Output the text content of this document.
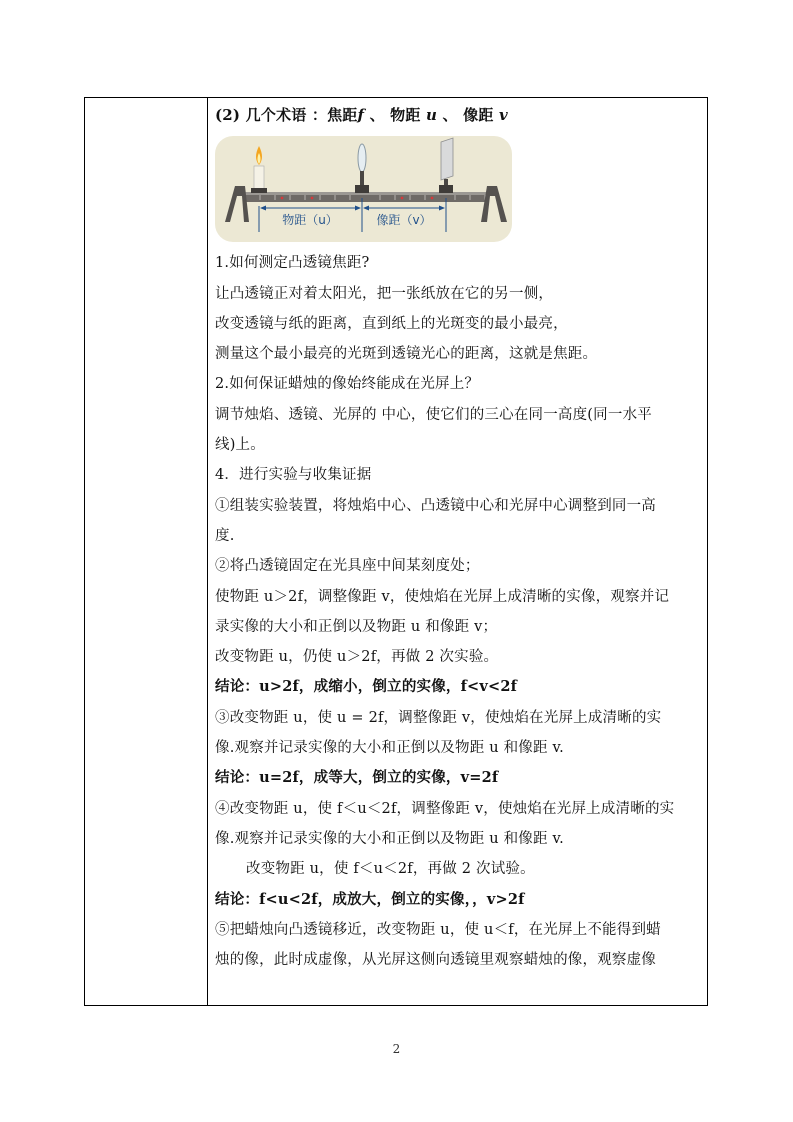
(2) 几个术语 ：焦距f 、 物距 u 、 像距 v
物距（u）	像距（v）
1.如何测定凸透镜焦距?
让凸透镜正对着太阳光，把一张纸放在它的另一侧，
改变透镜与纸的距离，直到纸上的光斑变的最小最亮，
测量这个最小最亮的光斑到透镜光心的距离，这就是焦距。
2.如何保证蜡烛的像始终能成在光屏上？
调节烛焰、透镜、光屏的 中心，使它们的三心在同一高度(同一水平
线)上。
4．进行实验与收集证据
①组装实验装置，将烛焰中心、凸透镜中心和光屏中心调整到同一高
度.
②将凸透镜固定在光具座中间某刻度处；
使物距 u＞2f，调整像距 v，使烛焰在光屏上成清晰的实像，观察并记
录实像的大小和正倒以及物距 u 和像距 v；
改变物距 u，仍使 u＞2f，再做 2 次实验。
结论：u>2f，成缩小，倒立的实像，f<v<2f
③改变物距 u，使 u = 2f，调整像距 v，使烛焰在光屏上成清晰的实
像.观察并记录实像的大小和正倒以及物距 u 和像距 v.
结论：u=2f，成等大，倒立的实像，v=2f
④改变物距 u，使 f＜u＜2f，调整像距 v，使烛焰在光屏上成清晰的实
像.观察并记录实像的大小和正倒以及物距 u 和像距 v.
改变物距 u，使 f＜u＜2f，再做 2 次试验。
结论：f<u<2f，成放大，倒立的实像，，v>2f
⑤把蜡烛向凸透镜移近，改变物距 u，使 u＜f，在光屏上不能得到蜡
烛的像，此时成虚像，从光屏这侧向透镜里观察蜡烛的像，观察虚像
2
